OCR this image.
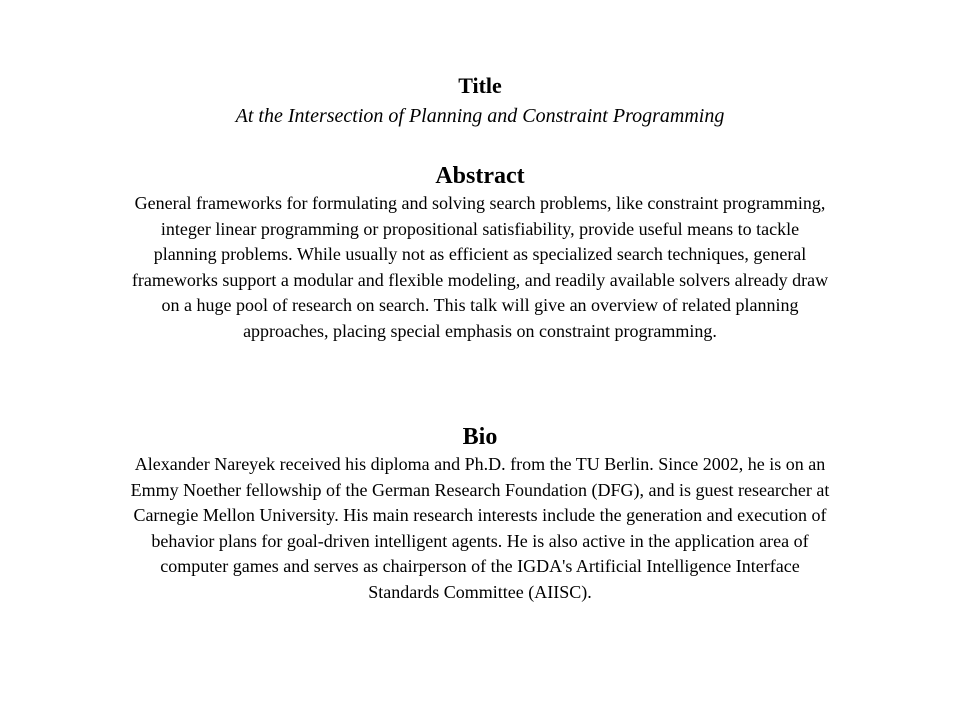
Title
At the Intersection of Planning and Constraint Programming
Abstract

General frameworks for formulating and solving search problems, like constraint programming, integer linear programming or propositional satisfiability, provide useful means to tackle planning problems. While usually not as efficient as specialized search techniques, general frameworks support a modular and flexible modeling, and readily available solvers already draw on a huge pool of research on search. This talk will give an overview of related planning approaches, placing special emphasis on constraint programming.

Bio

Alexander Nareyek received his diploma and Ph.D. from the TU Berlin. Since 2002, he is on an Emmy Noether fellowship of the German Research Foundation (DFG), and is guest researcher at Carnegie Mellon University. His main research interests include the generation and execution of behavior plans for goal-driven intelligent agents. He is also active in the application area of computer games and serves as chairperson of the IGDA's Artificial Intelligence Interface Standards Committee (AIISC).
